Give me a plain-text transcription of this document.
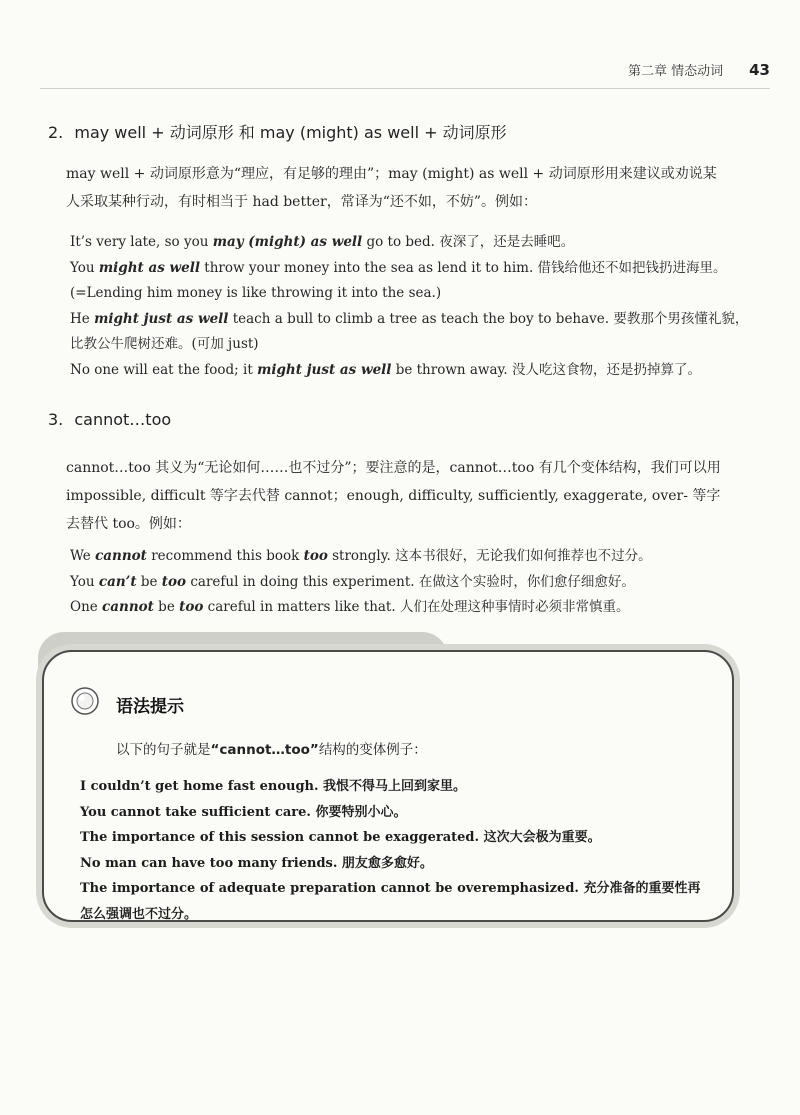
第二章 情态动词 43
2. may well + 动词原形 和 may (might) as well + 动词原形
may well + 动词原形意为“理应，有足够的理由”；may (might) as well + 动词原形用来建议或劝说某人采取某种行动，有时相当于 had better，常译为“还不如，不妨”。例如：
It’s very late, so you may (might) as well go to bed. 夜深了，还是去睡吧。
You might as well throw your money into the sea as lend it to him. 借钱给他还不如把钱扔进海里。
(=Lending him money is like throwing it into the sea.)
He might just as well teach a bull to climb a tree as teach the boy to behave. 要教那个男孩懂礼貌，
比教公牛爬树还难。(可加 just)
No one will eat the food; it might just as well be thrown away. 没人吃这食物，还是扔掉算了。
3. cannot…too
cannot…too 其义为“无论如何……也不过分”；要注意的是，cannot…too 有几个变体结构，我们可以用 impossible, difficult 等字去代替 cannot；enough, difficulty, sufficiently, exaggerate, over- 等字去替代 too。例如：
We cannot recommend this book too strongly. 这本书很好，无论我们如何推荐也不过分。
You can’t be too careful in doing this experiment. 在做这个实验时，你们愈仔细愈好。
One cannot be too careful in matters like that. 人们在处理这种事情时必须非常慎重。
语法提示
以下的句子就是“cannot…too”结构的变体例子：
I couldn’t get home fast enough. 我恨不得马上回到家里。
You cannot take sufficient care. 你要特别小心。
The importance of this session cannot be exaggerated. 这次大会极为重要。
No man can have too many friends. 朋友愈多愈好。
The importance of adequate preparation cannot be overemphasized. 充分准备的重要性再怎么强调也不过分。
